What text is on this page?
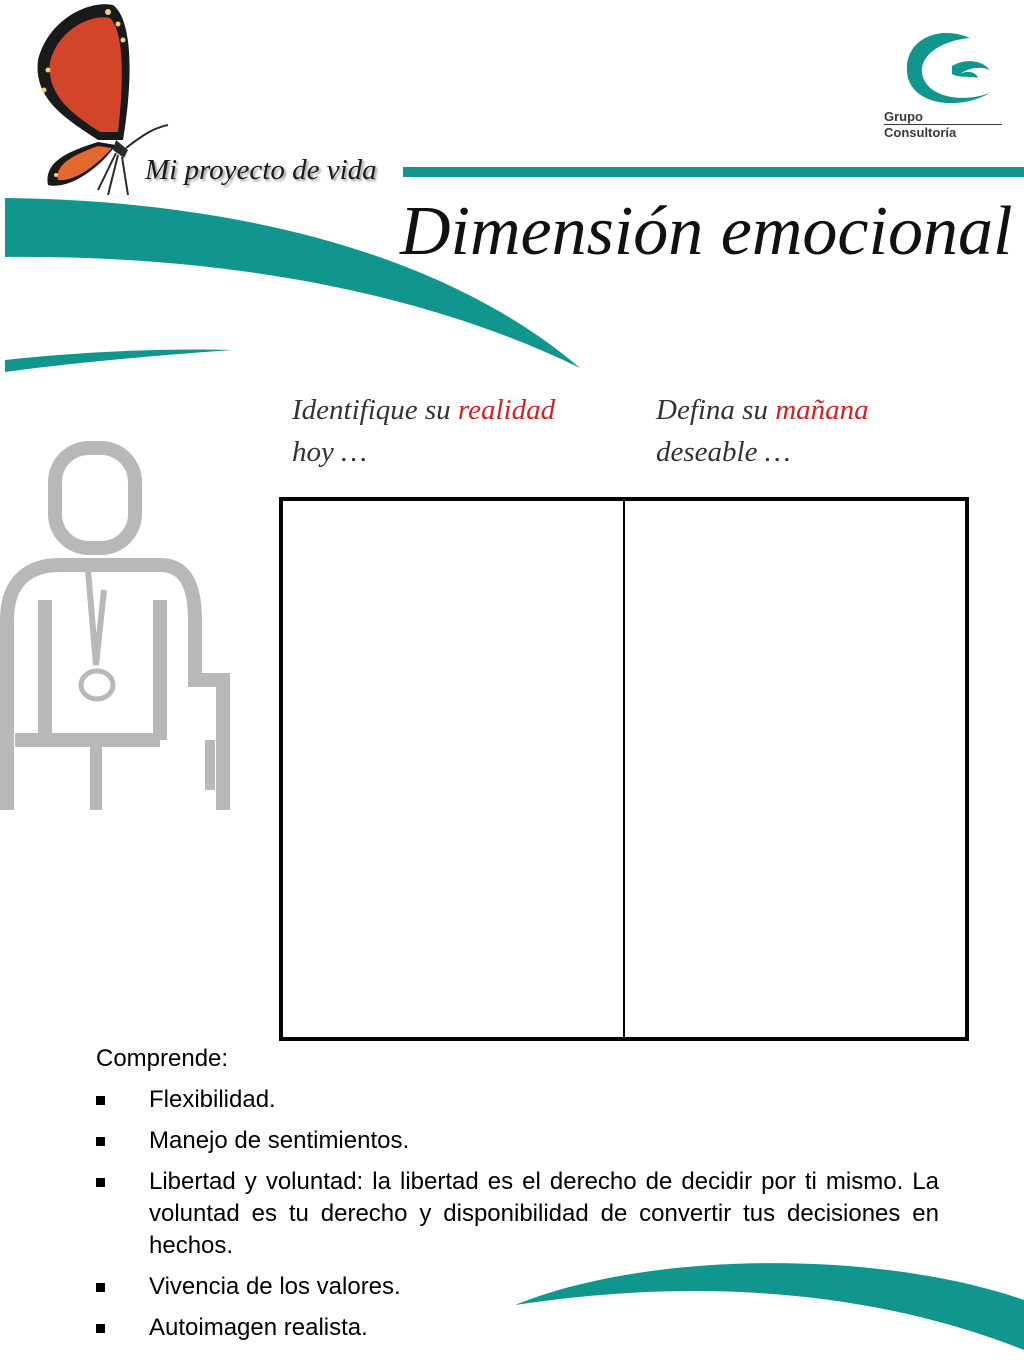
Grupo
Consultoría
Mi proyecto de vida
Dimensión emocional
Identifique su realidad hoy …
Defina su mañana deseable …
Comprende:
Flexibilidad.
Manejo de sentimientos.
Libertad y voluntad: la libertad es el derecho de decidir por ti mismo. La voluntad es tu derecho y disponibilidad de convertir tus decisiones en hechos.
Vivencia de los valores.
Autoimagen realista.
